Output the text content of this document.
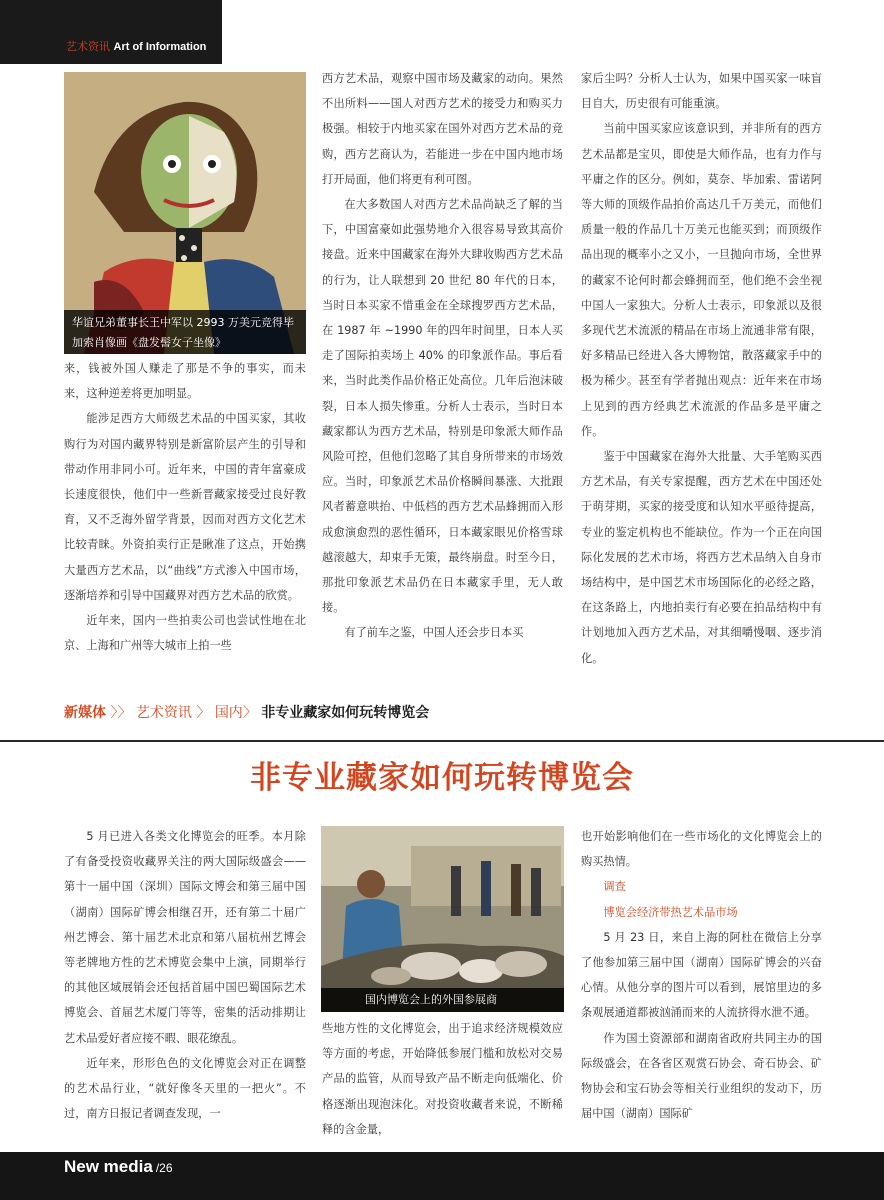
艺术资讯 Art of Information
华谊兄弟董事长王中军以 2993 万美元竞得毕加索肖像画《盘发髻女子坐像》

来，钱被外国人赚走了那是不争的事实，而未来，这种逆差将更加明显。

能涉足西方大师级艺术品的中国买家，其收购行为对国内藏界特别是新富阶层产生的引导和带动作用非同小可。近年来，中国的青年富豪成长速度很快，他们中一些新晋藏家接受过良好教育，又不乏海外留学背景，因而对西方文化艺术比较青睐。外资拍卖行正是瞅准了这点，开始携大量西方艺术品，以“曲线”方式渗入中国市场，逐渐培养和引导中国藏界对西方艺术品的欣赏。

近年来，国内一些拍卖公司也尝试性地在北京、上海和广州等大城市上拍一些

西方艺术品，观察中国市场及藏家的动向。果然不出所料——国人对西方艺术的接受力和购买力极强。相较于内地买家在国外对西方艺术品的竞购，西方艺商认为，若能进一步在中国内地市场打开局面，他们将更有利可图。

在大多数国人对西方艺术品尚缺乏了解的当下，中国富豪如此强势地介入很容易导致其高价接盘。近来中国藏家在海外大肆收购西方艺术品的行为，让人联想到 20 世纪 80 年代的日本，当时日本买家不惜重金在全球搜罗西方艺术品，在 1987 年 ~1990 年的四年时间里，日本人买走了国际拍卖场上 40% 的印象派作品。事后看来，当时此类作品价格正处高位。几年后泡沫破裂，日本人损失惨重。分析人士表示，当时日本藏家都认为西方艺术品，特别是印象派大师作品风险可控，但他们忽略了其自身所带来的市场效应。当时，印象派艺术品价格瞬间暴涨、大批跟风者蓄意哄抬、中低档的西方艺术品蜂拥而入形成愈演愈烈的恶性循环，日本藏家眼见价格雪球越滚越大，却束手无策，最终崩盘。时至今日，那批印象派艺术品仍在日本藏家手里，无人敢接。

有了前车之鉴，中国人还会步日本买

家后尘吗？分析人士认为，如果中国买家一味盲目自大，历史很有可能重演。

当前中国买家应该意识到，并非所有的西方艺术品都是宝贝，即使是大师作品，也有力作与平庸之作的区分。例如，莫奈、毕加索、雷诺阿等大师的顶级作品拍价高达几千万美元，而他们质量一般的作品几十万美元也能买到；而顶级作品出现的概率小之又小，一旦抛向市场，全世界的藏家不论何时都会蜂拥而至，他们绝不会坐视中国人一家独大。分析人士表示，印象派以及很多现代艺术流派的精品在市场上流通非常有限，好多精品已经进入各大博物馆，散落藏家手中的极为稀少。甚至有学者抛出观点：近年来在市场上见到的西方经典艺术流派的作品多是平庸之作。

鉴于中国藏家在海外大批量、大手笔购买西方艺术品，有关专家提醒，西方艺术在中国还处于萌芽期，买家的接受度和认知水平亟待提高，专业的鉴定机构也不能缺位。作为一个正在向国际化发展的艺术市场，将西方艺术品纳入自身市场结构中，是中国艺术市场国际化的必经之路，在这条路上，内地拍卖行有必要在拍品结构中有计划地加入西方艺术品，对其细嚼慢咽、逐步消化。

新媒体 〉〉 艺术资讯 〉 国内〉 非专业藏家如何玩转博览会
非专业藏家如何玩转博览会

5 月已进入各类文化博览会的旺季。本月除了有备受投资收藏界关注的两大国际级盛会——第十一届中国（深圳）国际文博会和第三届中国（湖南）国际矿博会相继召开，还有第二十届广州艺博会、第十届艺术北京和第八届杭州艺博会等老牌地方性的艺术博览会集中上演，同期举行的其他区域展销会还包括首届中国巴蜀国际艺术博览会、首届艺术厦门等等，密集的活动排期让艺术品爱好者应接不暇、眼花缭乱。

近年来，形形色色的文化博览会对正在调整的艺术品行业，“就好像冬天里的一把火”。不过，南方日报记者调查发现，一

国内博览会上的外国参展商

些地方性的文化博览会，出于追求经济规模效应等方面的考虑，开始降低参展门槛和放松对交易产品的监管，从而导致产品不断走向低端化、价格逐渐出现泡沫化。对投资收藏者来说，不断稀释的含金量，

也开始影响他们在一些市场化的文化博览会上的购买热情。

调查

博览会经济带热艺术品市场

5 月 23 日，来自上海的阿杜在微信上分享了他参加第三届中国（湖南）国际矿博会的兴奋心情。从他分享的图片可以看到，展馆里边的多条观展通道都被汹涌而来的人流挤得水泄不通。

作为国土资源部和湖南省政府共同主办的国际级盛会，在各省区观赏石协会、奇石协会、矿物协会和宝石协会等相关行业组织的发动下，历届中国（湖南）国际矿

New media /26
